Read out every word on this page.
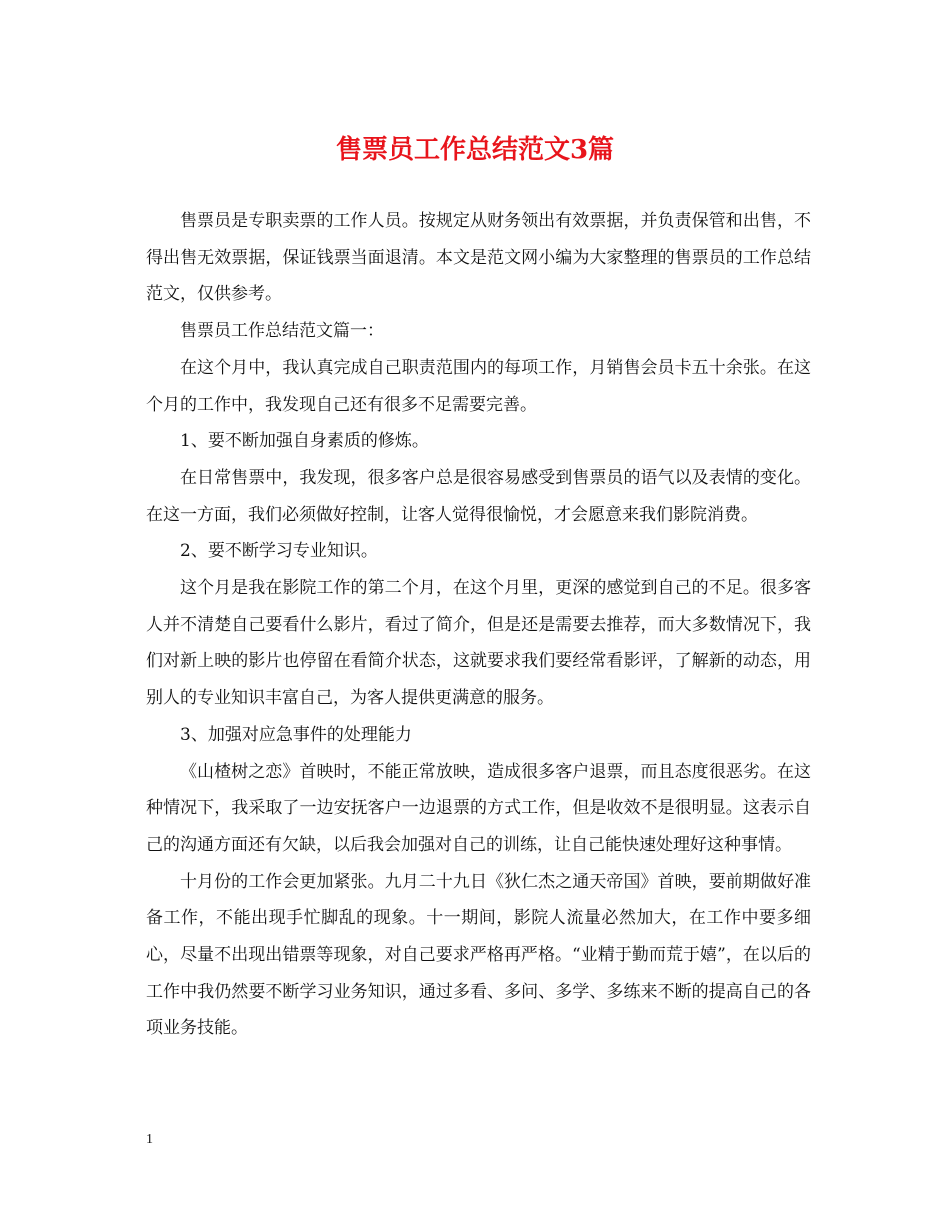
售票员工作总结范文3篇

售票员是专职卖票的工作人员。按规定从财务领出有效票据，并负责保管和出售，不得出售无效票据，保证钱票当面退清。本文是范文网小编为大家整理的售票员的工作总结范文，仅供参考。

售票员工作总结范文篇一：

在这个月中，我认真完成自己职责范围内的每项工作，月销售会员卡五十余张。在这个月的工作中，我发现自己还有很多不足需要完善。

1、要不断加强自身素质的修炼。

在日常售票中，我发现，很多客户总是很容易感受到售票员的语气以及表情的变化。在这一方面，我们必须做好控制，让客人觉得很愉悦，才会愿意来我们影院消费。

2、要不断学习专业知识。

这个月是我在影院工作的第二个月，在这个月里，更深的感觉到自己的不足。很多客人并不清楚自己要看什么影片，看过了简介，但是还是需要去推荐，而大多数情况下，我们对新上映的影片也停留在看简介状态，这就要求我们要经常看影评，了解新的动态，用别人的专业知识丰富自己，为客人提供更满意的服务。

3、加强对应急事件的处理能力

《山楂树之恋》首映时，不能正常放映，造成很多客户退票，而且态度很恶劣。在这种情况下，我采取了一边安抚客户一边退票的方式工作，但是收效不是很明显。这表示自己的沟通方面还有欠缺，以后我会加强对自己的训练，让自己能快速处理好这种事情。

十月份的工作会更加紧张。九月二十九日《狄仁杰之通天帝国》首映，要前期做好准备工作，不能出现手忙脚乱的现象。十一期间，影院人流量必然加大，在工作中要多细心，尽量不出现出错票等现象，对自己要求严格再严格。“业精于勤而荒于嬉”，在以后的工作中我仍然要不断学习业务知识，通过多看、多问、多学、多练来不断的提高自己的各项业务技能。

1
